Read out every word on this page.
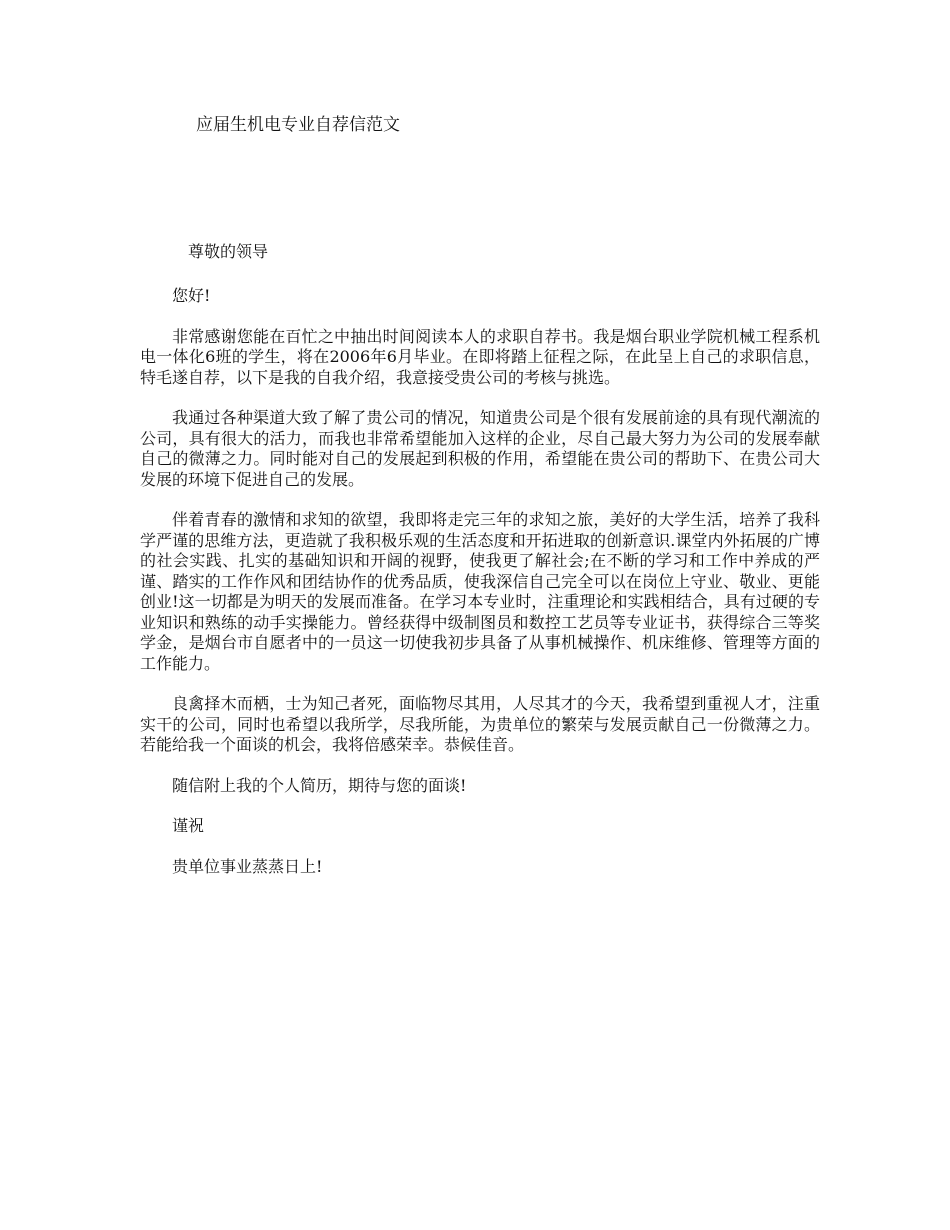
应届生机电专业自荐信范文
尊敬的领导

您好!

非常感谢您能在百忙之中抽出时间阅读本人的求职自荐书。我是烟台职业学院机械工程系机电一体化6班的学生，将在2006年6月毕业。在即将踏上征程之际，在此呈上自己的求职信息，特毛遂自荐，以下是我的自我介绍，我意接受贵公司的考核与挑选。

我通过各种渠道大致了解了贵公司的情况，知道贵公司是个很有发展前途的具有现代潮流的公司，具有很大的活力，而我也非常希望能加入这样的企业，尽自己最大努力为公司的发展奉献自己的微薄之力。同时能对自己的发展起到积极的作用，希望能在贵公司的帮助下、在贵公司大发展的环境下促进自己的发展。

伴着青春的激情和求知的欲望，我即将走完三年的求知之旅，美好的大学生活，培养了我科学严谨的思维方法，更造就了我积极乐观的生活态度和开拓进取的创新意识.课堂内外拓展的广博的社会实践、扎实的基础知识和开阔的视野，使我更了解社会;在不断的学习和工作中养成的严谨、踏实的工作作风和团结协作的优秀品质，使我深信自己完全可以在岗位上守业、敬业、更能创业!这一切都是为明天的发展而准备。在学习本专业时，注重理论和实践相结合，具有过硬的专业知识和熟练的动手实操能力。曾经获得中级制图员和数控工艺员等专业证书，获得综合三等奖学金，是烟台市自愿者中的一员这一切使我初步具备了从事机械操作、机床维修、管理等方面的工作能力。

良禽择木而栖，士为知己者死，面临物尽其用，人尽其才的今天，我希望到重视人才，注重实干的公司，同时也希望以我所学，尽我所能，为贵单位的繁荣与发展贡献自己一份微薄之力。若能给我一个面谈的机会，我将倍感荣幸。恭候佳音。

随信附上我的个人简历，期待与您的面谈!

谨祝

贵单位事业蒸蒸日上!
